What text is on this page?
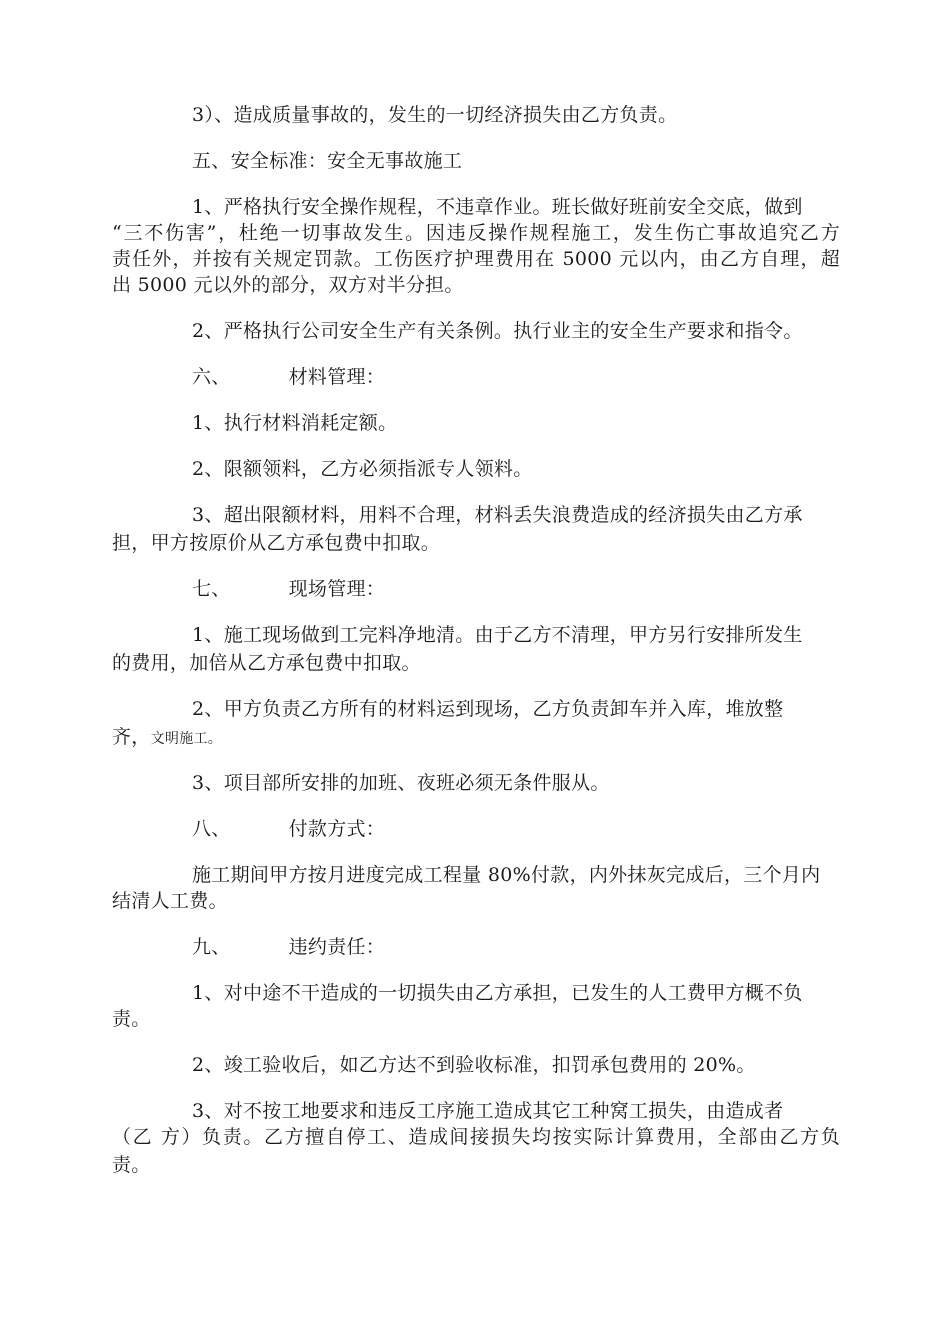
3）、造成质量事故的，发生的一切经济损失由乙方负责。
五、安全标准：安全无事故施工
1、严格执行安全操作规程，不违章作业。班长做好班前安全交底，做到
“三不伤害”，杜绝一切事故发生。因违反操作规程施工，发生伤亡事故追究乙方
责任外，并按有关规定罚款。工伤医疗护理费用在 5000 元以内，由乙方自理，超
出 5000 元以外的部分，双方对半分担。
2、严格执行公司安全生产有关条例。执行业主的安全生产要求和指令。
六、	材料管理：
1、执行材料消耗定额。
2、限额领料，乙方必须指派专人领料。
3、超出限额材料，用料不合理，材料丢失浪费造成的经济损失由乙方承
担，甲方按原价从乙方承包费中扣取。
七、	现场管理：
1、施工现场做到工完料净地清。由于乙方不清理，甲方另行安排所发生
的费用，加倍从乙方承包费中扣取。
2、甲方负责乙方所有的材料运到现场，乙方负责卸车并入库，堆放整
齐，文明施工。
3、项目部所安排的加班、夜班必须无条件服从。
八、	付款方式：
施工期间甲方按月进度完成工程量 80%付款，内外抹灰完成后，三个月内
结清人工费。
九、	违约责任：
1、对中途不干造成的一切损失由乙方承担，已发生的人工费甲方概不负
责。
2、竣工验收后，如乙方达不到验收标准，扣罚承包费用的 20%。
3、对不按工地要求和违反工序施工造成其它工种窝工损失，由造成者
（乙 方）负责。乙方擅自停工、造成间接损失均按实际计算费用，全部由乙方负
责。
